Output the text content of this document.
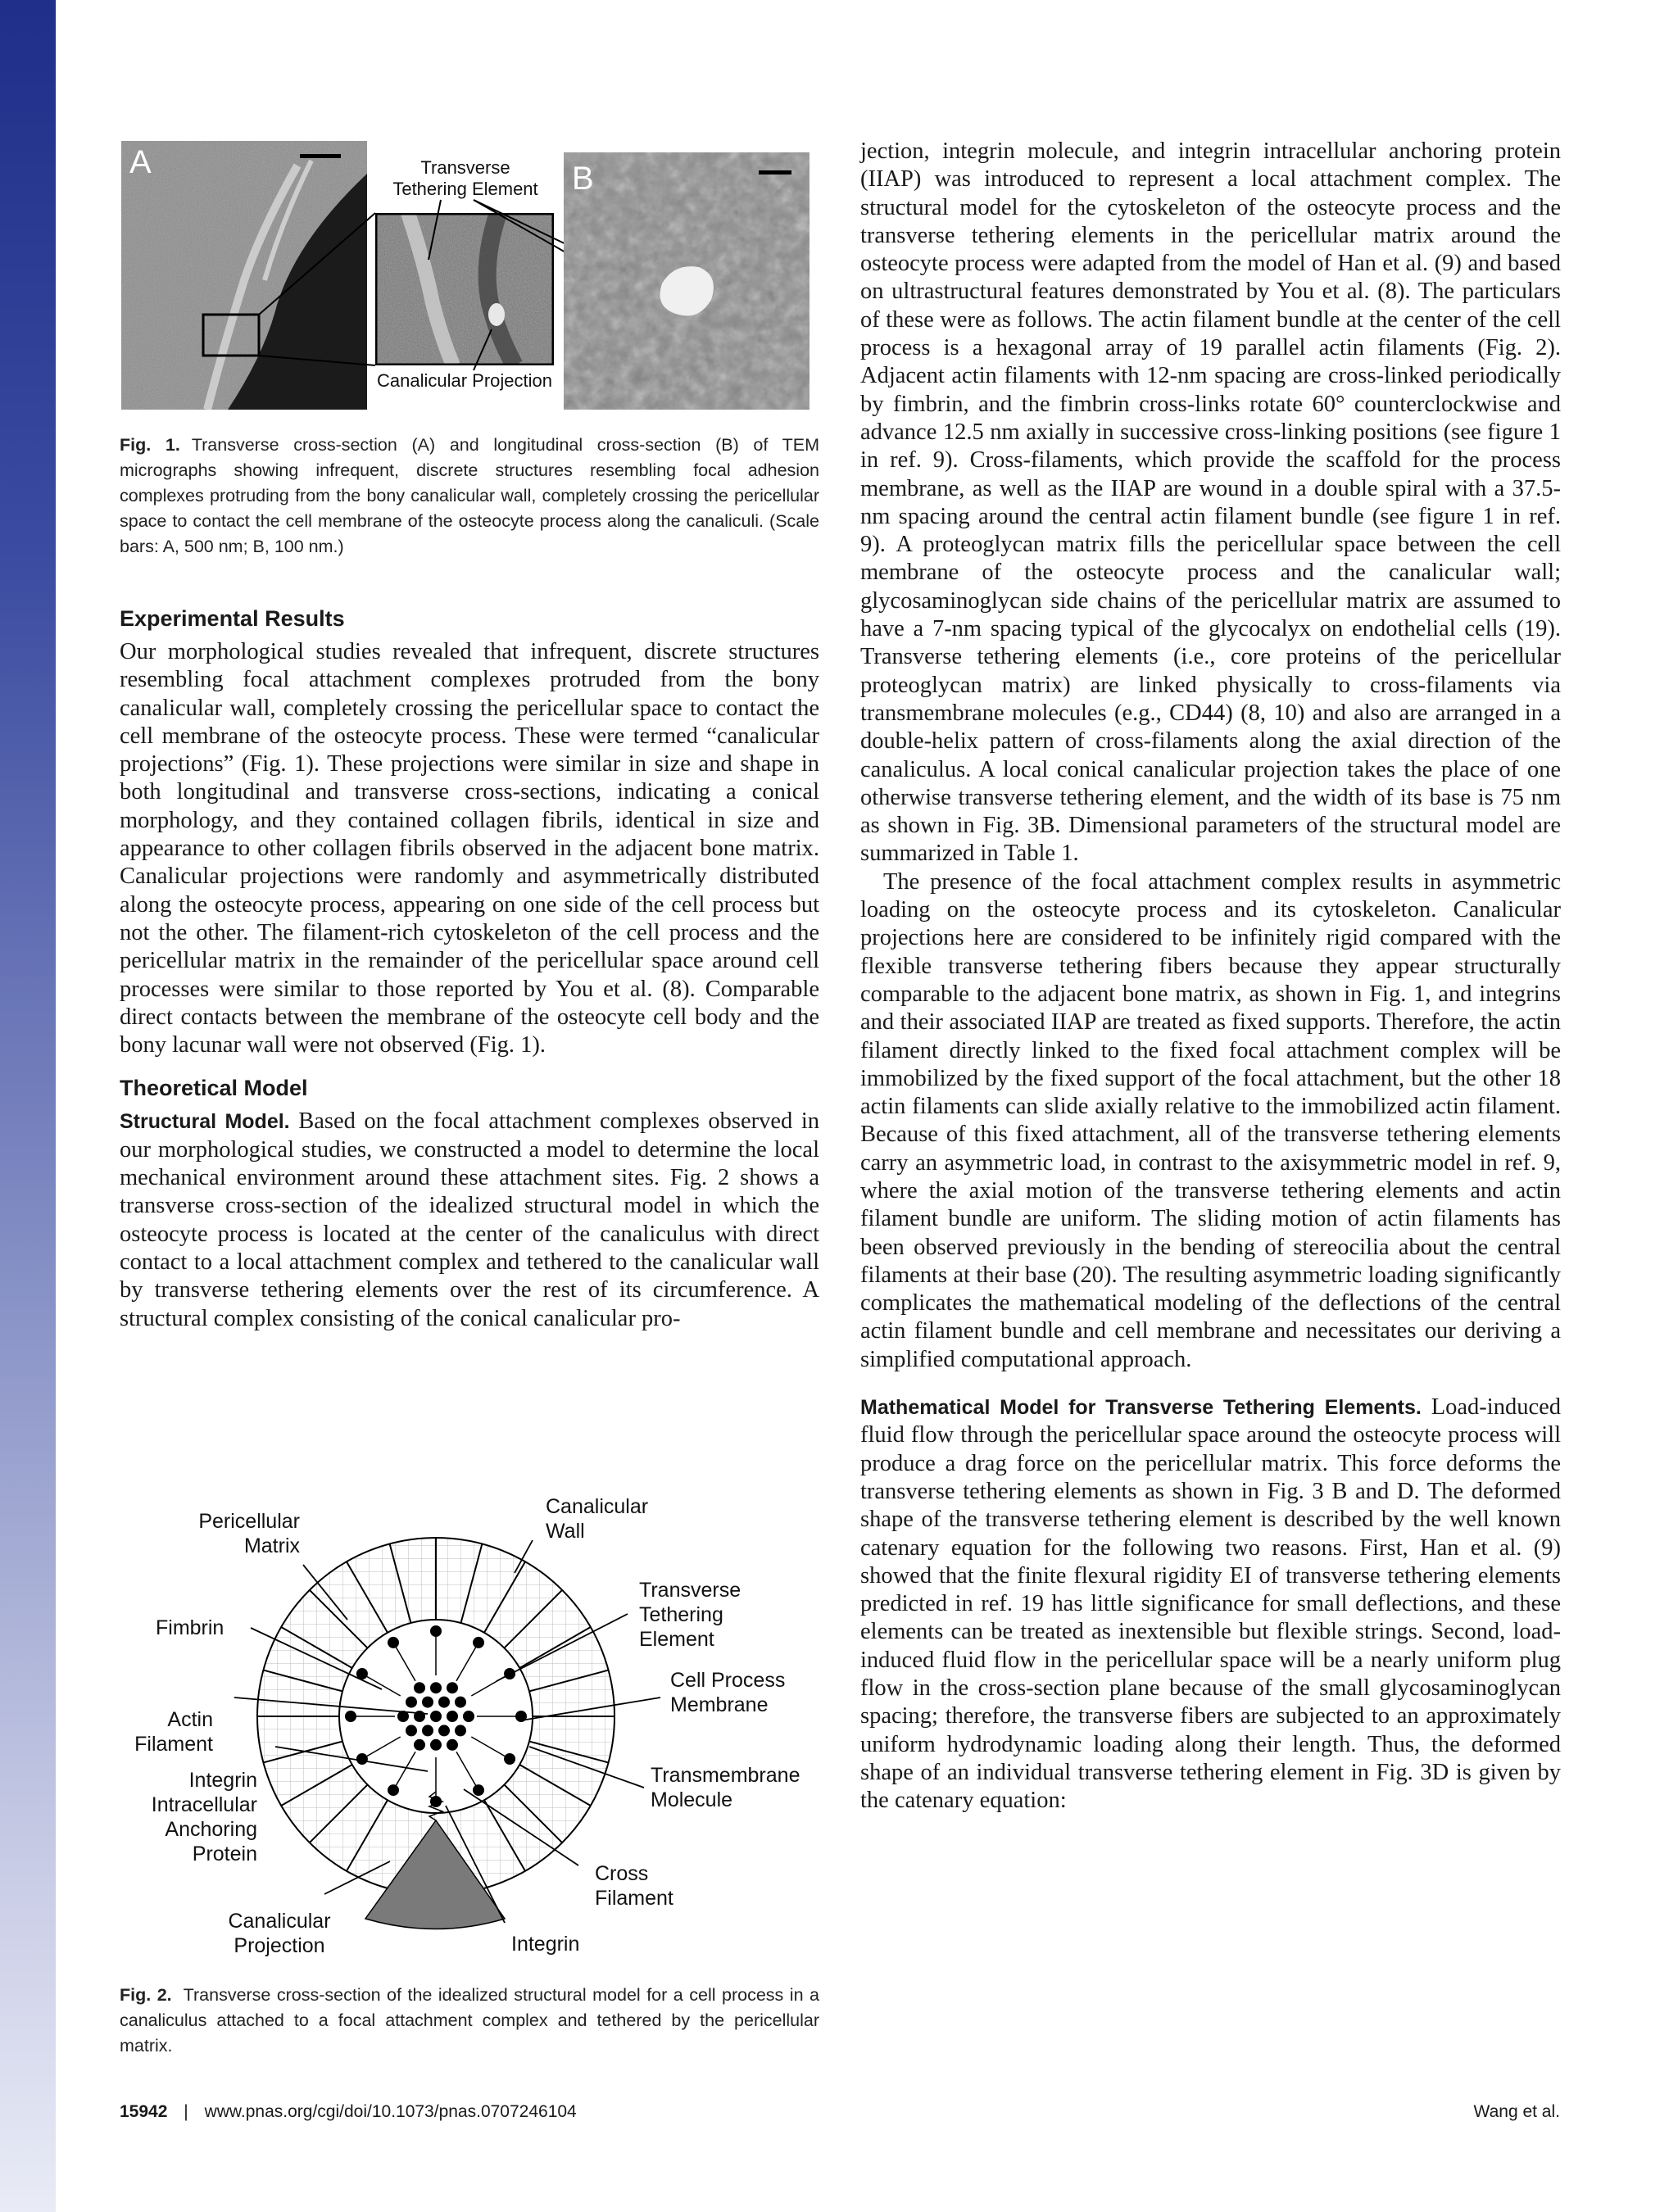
A	Transverse
Tethering Element
Canalicular Projection
B

Fig. 1. Transverse cross-section (A) and longitudinal cross-section (B) of TEM micrographs showing infrequent, discrete structures resembling focal adhesion complexes protruding from the bony canalicular wall, completely crossing the pericellular space to contact the cell membrane of the osteocyte process along the canaliculi. (Scale bars: A, 500 nm; B, 100 nm.)

Experimental Results

Our morphological studies revealed that infrequent, discrete structures resembling focal attachment complexes protruded from the bony canalicular wall, completely crossing the pericellular space to contact the cell membrane of the osteocyte process. These were termed “canalicular projections” (Fig. 1). These projections were similar in size and shape in both longitudinal and transverse cross-sections, indicating a conical morphology, and they contained collagen fibrils, identical in size and appearance to other collagen fibrils observed in the adjacent bone matrix. Canalicular projections were randomly and asymmetrically distributed along the osteocyte process, appearing on one side of the cell process but not the other. The filament-rich cytoskeleton of the cell process and the pericellular matrix in the remainder of the pericellular space around cell processes were similar to those reported by You et al. (8). Comparable direct contacts between the membrane of the osteocyte cell body and the bony lacunar wall were not observed (Fig. 1).

Theoretical Model

Structural Model. Based on the focal attachment complexes observed in our morphological studies, we constructed a model to determine the local mechanical environment around these attachment sites. Fig. 2 shows a transverse cross-section of the idealized structural model in which the osteocyte process is located at the center of the canaliculus with direct contact to a local attachment complex and tethered to the canalicular wall by transverse tethering elements over the rest of its circumference. A structural complex consisting of the conical canalicular pro-

Pericellular
Matrix
Canalicular
Wall
Fimbrin
Transverse
Tethering
Element
Cell Process
Membrane
Actin
Filament
Integrin
Intracellular
Anchoring
Protein
Transmembrane
Molecule
Cross
Filament
Canalicular
Projection	Integrin

Fig. 2. Transverse cross-section of the idealized structural model for a cell process in a canaliculus attached to a focal attachment complex and tethered by the pericellular matrix.

jection, integrin molecule, and integrin intracellular anchoring protein (IIAP) was introduced to represent a local attachment complex. The structural model for the cytoskeleton of the osteocyte process and the transverse tethering elements in the pericellular matrix around the osteocyte process were adapted from the model of Han et al. (9) and based on ultrastructural features demonstrated by You et al. (8). The particulars of these were as follows. The actin filament bundle at the center of the cell process is a hexagonal array of 19 parallel actin filaments (Fig. 2). Adjacent actin filaments with 12-nm spacing are cross-linked periodically by fimbrin, and the fimbrin cross-links rotate 60° counterclockwise and advance 12.5 nm axially in successive cross-linking positions (see figure 1 in ref. 9). Cross-filaments, which provide the scaffold for the process membrane, as well as the IIAP are wound in a double spiral with a 37.5-nm spacing around the central actin filament bundle (see figure 1 in ref. 9). A proteoglycan matrix fills the pericellular space between the cell membrane of the osteocyte process and the canalicular wall; glycosaminoglycan side chains of the pericellular matrix are assumed to have a 7-nm spacing typical of the glycocalyx on endothelial cells (19). Transverse tethering elements (i.e., core proteins of the pericellular proteoglycan matrix) are linked physically to cross-filaments via transmembrane molecules (e.g., CD44) (8, 10) and also are arranged in a double-helix pattern of cross-filaments along the axial direction of the canaliculus. A local conical canalicular projection takes the place of one otherwise transverse tethering element, and the width of its base is 75 nm as shown in Fig. 3B. Dimensional parameters of the structural model are summarized in Table 1.

The presence of the focal attachment complex results in asymmetric loading on the osteocyte process and its cytoskeleton. Canalicular projections here are considered to be infinitely rigid compared with the flexible transverse tethering fibers because they appear structurally comparable to the adjacent bone matrix, as shown in Fig. 1, and integrins and their associated IIAP are treated as fixed supports. Therefore, the actin filament directly linked to the fixed focal attachment complex will be immobilized by the fixed support of the focal attachment, but the other 18 actin filaments can slide axially relative to the immobilized actin filament. Because of this fixed attachment, all of the transverse tethering elements carry an asymmetric load, in contrast to the axisymmetric model in ref. 9, where the axial motion of the transverse tethering elements and actin filament bundle are uniform. The sliding motion of actin filaments has been observed previously in the bending of stereocilia about the central filaments at their base (20). The resulting asymmetric loading significantly complicates the mathematical modeling of the deflections of the central actin filament bundle and cell membrane and necessitates our deriving a simplified computational approach.

Mathematical Model for Transverse Tethering Elements. Load-induced fluid flow through the pericellular space around the osteocyte process will produce a drag force on the pericellular matrix. This force deforms the transverse tethering elements as shown in Fig. 3 B and D. The deformed shape of the transverse tethering element is described by the well known catenary equation for the following two reasons. First, Han et al. (9) showed that the finite flexural rigidity EI of transverse tethering elements predicted in ref. 19 has little significance for small deflections, and these elements can be treated as inextensible but flexible strings. Second, load-induced fluid flow in the pericellular space will be a nearly uniform plug flow in the cross-section plane because of the small glycosaminoglycan spacing; therefore, the transverse fibers are subjected to an approximately uniform hydrodynamic loading along their length. Thus, the deformed shape of an individual transverse tethering element in Fig. 3D is given by the catenary equation:

15942 | www.pnas.org/cgi/doi/10.1073/pnas.0707246104	Wang et al.
